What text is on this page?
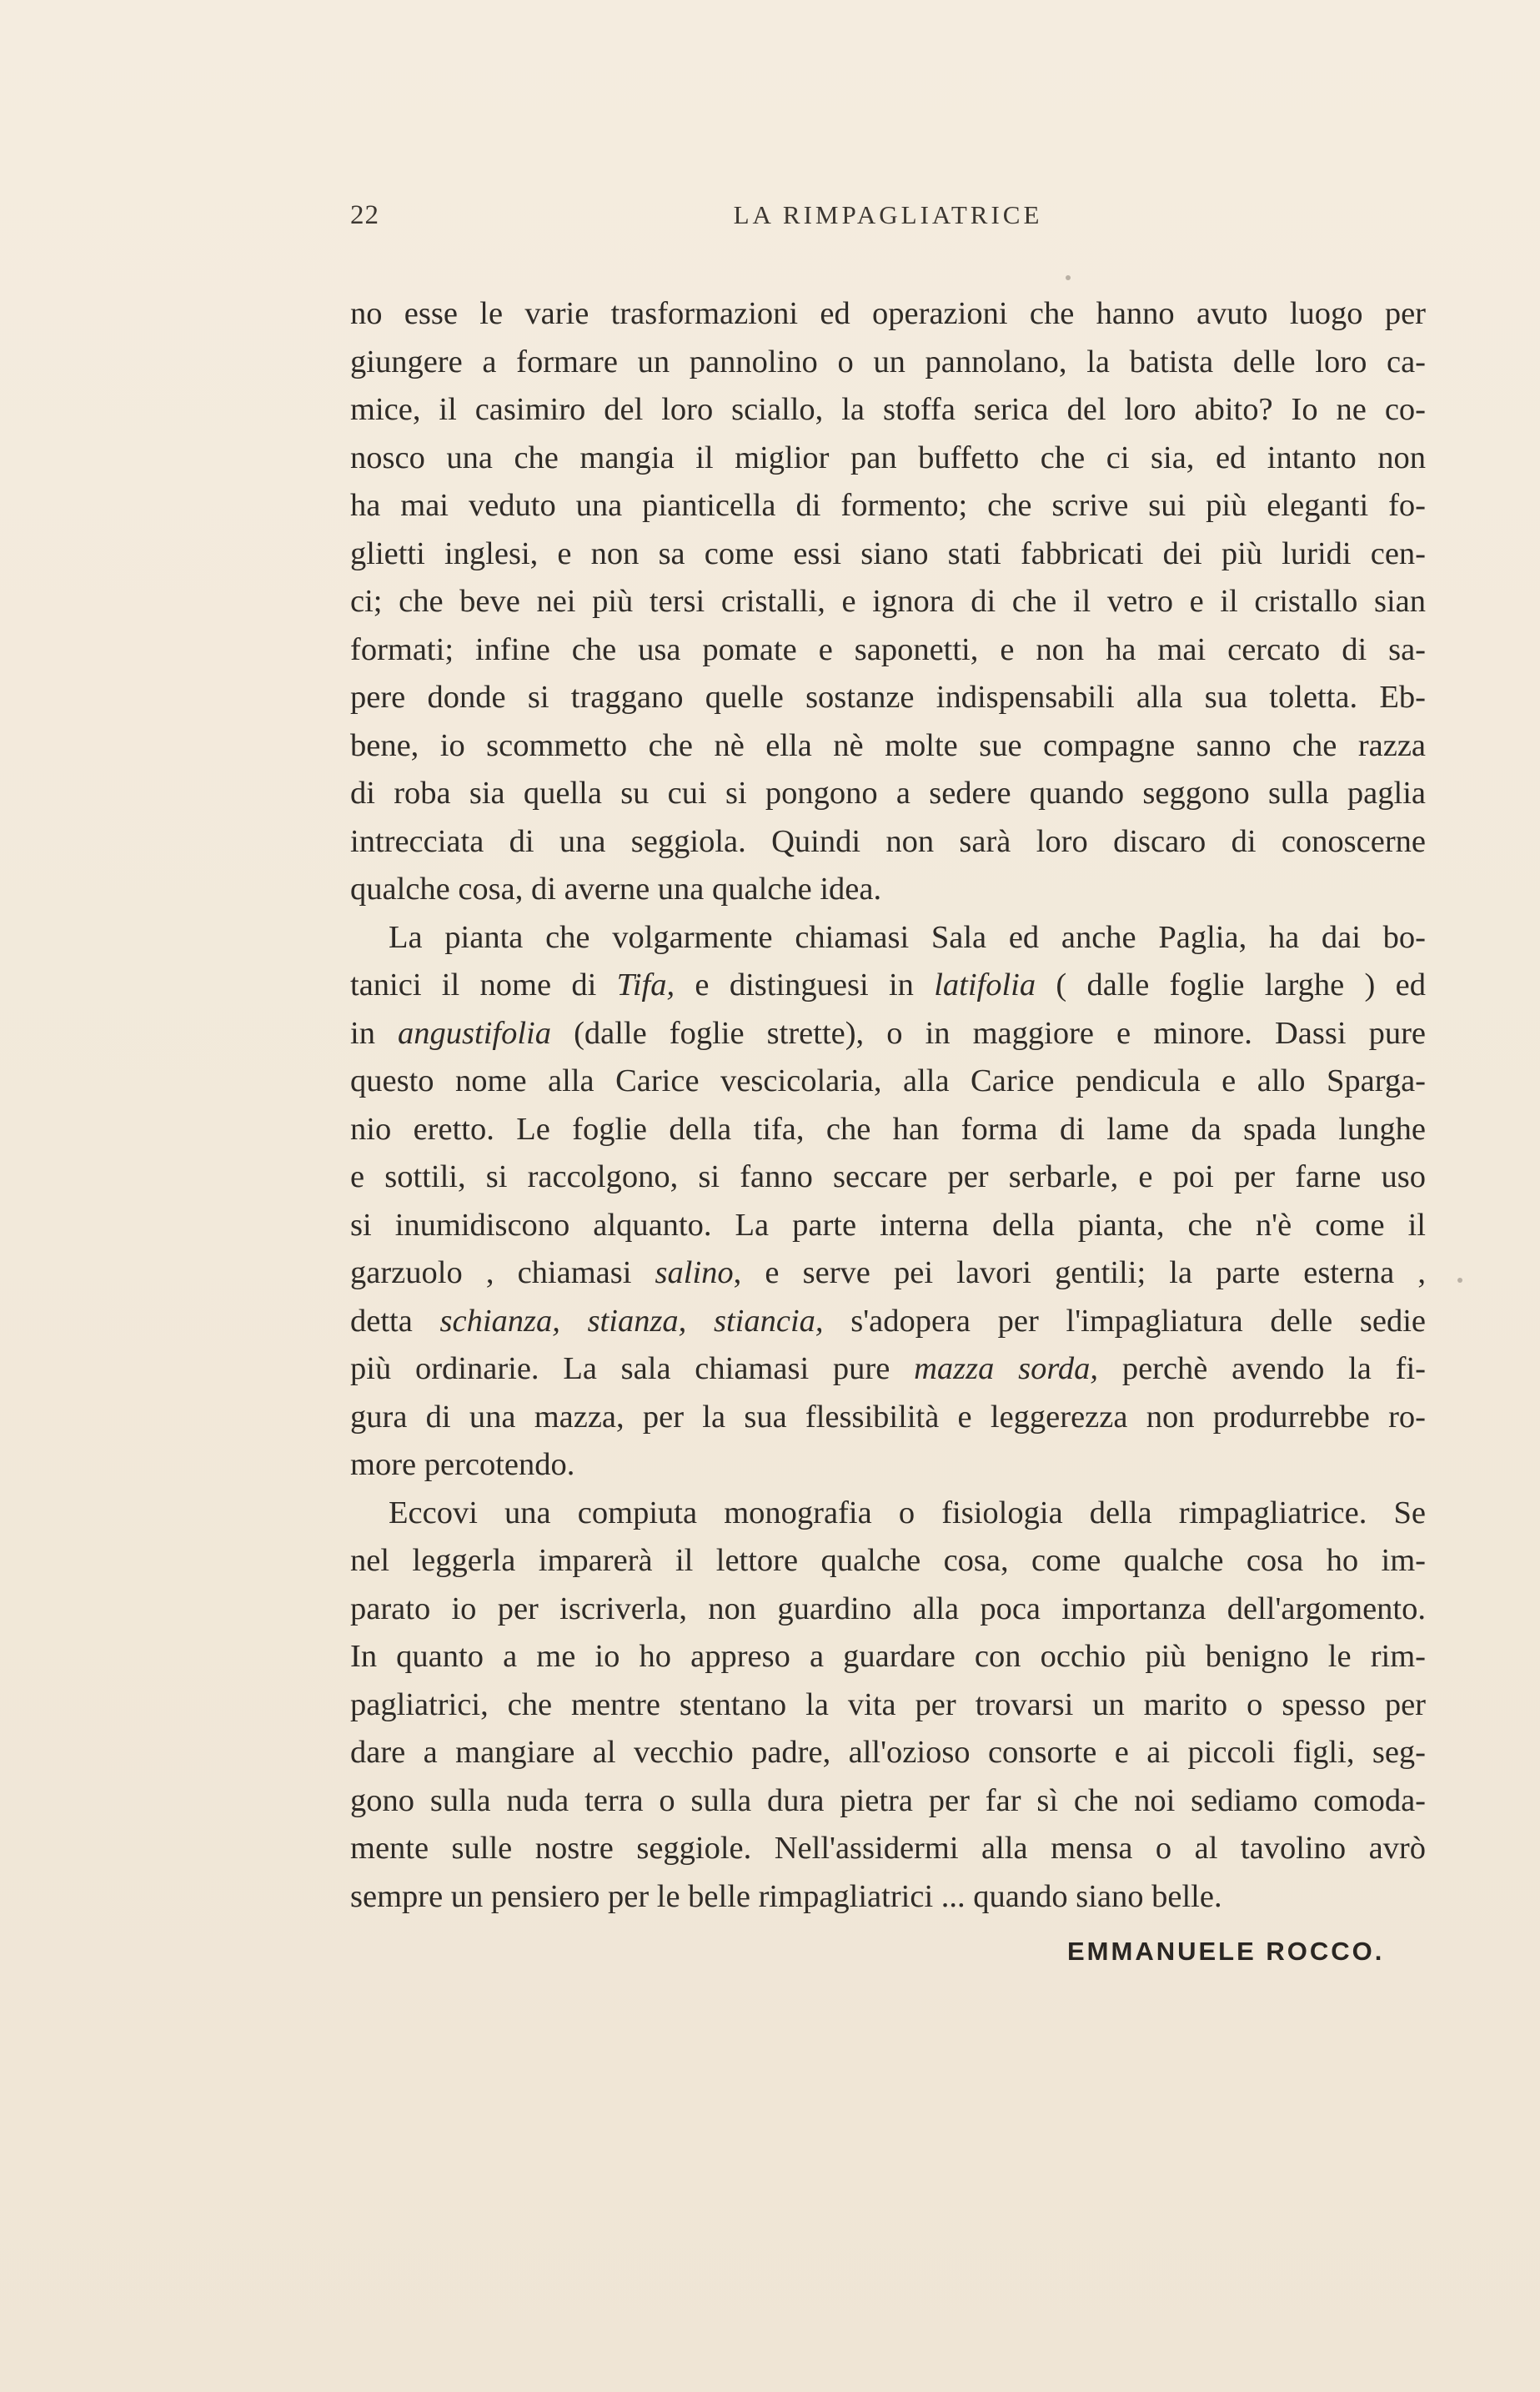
22	LA RIMPAGLIATRICE
no esse le varie trasformazioni ed operazioni che hanno avuto luogo per
giungere a formare un pannolino o un pannolano, la batista delle loro ca-
mice, il casimiro del loro sciallo, la stoffa serica del loro abito? Io ne co-
nosco una che mangia il miglior pan buffetto che ci sia, ed intanto non
ha mai veduto una pianticella di formento; che scrive sui più eleganti fo-
glietti inglesi, e non sa come essi siano stati fabbricati dei più luridi cen-
ci; che beve nei più tersi cristalli, e ignora di che il vetro e il cristallo sian
formati; infine che usa pomate e saponetti, e non ha mai cercato di sa-
pere donde si traggano quelle sostanze indispensabili alla sua toletta. Eb-
bene, io scommetto che nè ella nè molte sue compagne sanno che razza
di roba sia quella su cui si pongono a sedere quando seggono sulla paglia
intrecciata di una seggiola. Quindi non sarà loro discaro di conoscerne
qualche cosa, di averne una qualche idea.
La pianta che volgarmente chiamasi Sala ed anche Paglia, ha dai bo-
tanici il nome di Tifa, e distinguesi in latifolia ( dalle foglie larghe ) ed
in angustifolia (dalle foglie strette), o in maggiore e minore. Dassi pure
questo nome alla Carice vescicolaria, alla Carice pendicula e allo Sparga-
nio eretto. Le foglie della tifa, che han forma di lame da spada lunghe
e sottili, si raccolgono, si fanno seccare per serbarle, e poi per farne uso
si inumidiscono alquanto. La parte interna della pianta, che n'è come il
garzuolo , chiamasi salino, e serve pei lavori gentili; la parte esterna ,
detta schianza, stianza, stiancia, s'adopera per l'impagliatura delle sedie
più ordinarie. La sala chiamasi pure mazza sorda, perchè avendo la fi-
gura di una mazza, per la sua flessibilità e leggerezza non produrrebbe ro-
more percotendo.
Eccovi una compiuta monografia o fisiologia della rimpagliatrice. Se
nel leggerla imparerà il lettore qualche cosa, come qualche cosa ho im-
parato io per iscriverla, non guardino alla poca importanza dell'argomento.
In quanto a me io ho appreso a guardare con occhio più benigno le rim-
pagliatrici, che mentre stentano la vita per trovarsi un marito o spesso per
dare a mangiare al vecchio padre, all'ozioso consorte e ai piccoli figli, seg-
gono sulla nuda terra o sulla dura pietra per far sì che noi sediamo comoda-
mente sulle nostre seggiole. Nell'assidermi alla mensa o al tavolino avrò
sempre un pensiero per le belle rimpagliatrici ... quando siano belle.
EMMANUELE ROCCO.
